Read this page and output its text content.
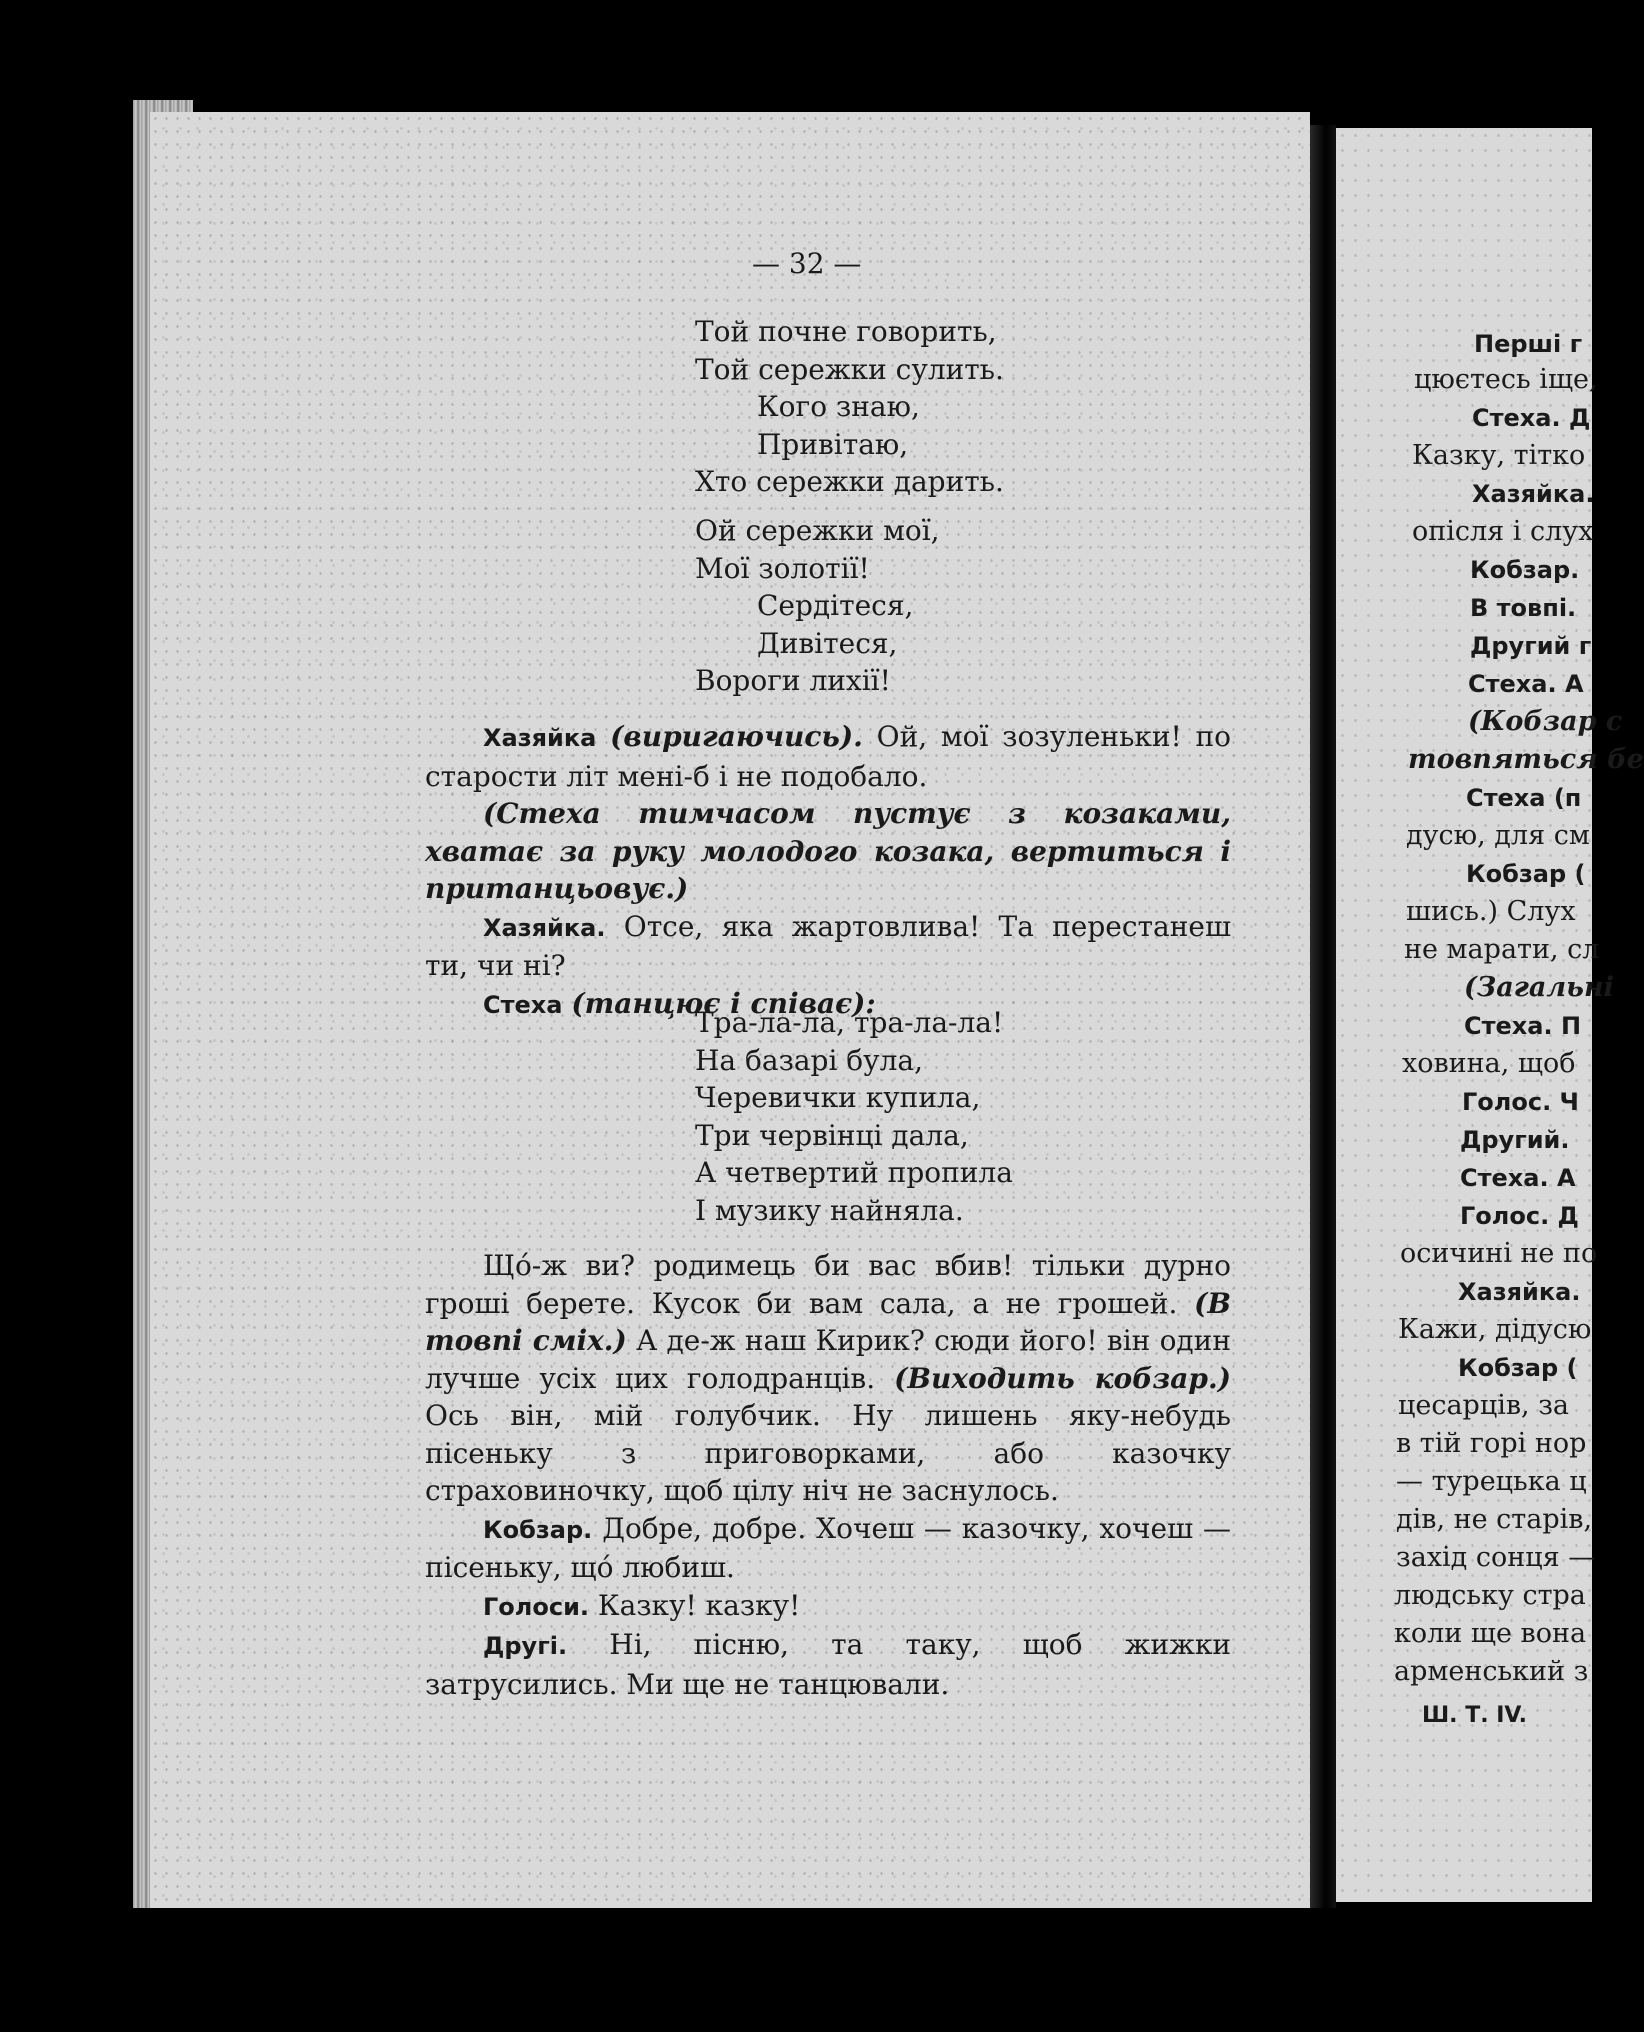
— 32 —
Той почне говорить,
Той сережки сулить.
Кого знаю,
Привітаю,
Хто сережки дарить.
Ой сережки мої,
Мої золотії!
Сердітеся,
Дивітеся,
Вороги лихії!

Хазяйка (виригаючись). Ой, мої зозуленьки! по старости літ мені-б і не подобало.

(Стеха тимчасом пустує з козаками, хватає за руку молодого козака, вертиться і пританцьовує.)

Хазяйка. Отсе, яка жартовлива! Та перестанеш ти, чи ні?

Стеха (танцює і співає):

Тра-ла-ла, тра-ла-ла!
На базарі була,
Черевички купила,
Три червінці дала,
А четвертий пропила
І музику найняла.

Щó-ж ви? родимець би вас вбив! тільки дурно гроші берете. Кусок би вам сала, а не грошей. (В товпі сміх.) А де-ж наш Кирик? сюди його! він один лучше усіх цих голодранців. (Виходить кобзар.) Ось він, мій голубчик. Ну лишень яку-небудь пісеньку з приговорками, або казочку страховиночку, щоб цілу ніч не заснулось.

Кобзар. Добре, добре. Хочеш — казочку, хочеш — пісеньку, щó любиш.

Голоси. Казку! казку!

Другі. Ні, пісню, та таку, щоб жижки затрусились. Ми ще не танцювали.

Перші г
цюєтесь іще,
Стеха. Д
Казку, тітко
Хазяйка.
опісля і слух
Кобзар.
В товпі.
Другий г
Стеха. А
(Кобзар с
товпяться бе
Стеха (п
дусю, для см
Кобзар (
шись.) Слух
не марати, сл
(Загальні
Стеха. П
ховина, щоб
Голос. Ч
Другий.
Стеха. А
Голос. Д
осичині не по
Хазяйка.
Кажи, дідусю
Кобзар (
цесарців, за
в тій горі нор
— турецька ц
дів, не старів,
захід сонця —
людську стра
коли ще вона
арменський з
Ш. Т. IV.
